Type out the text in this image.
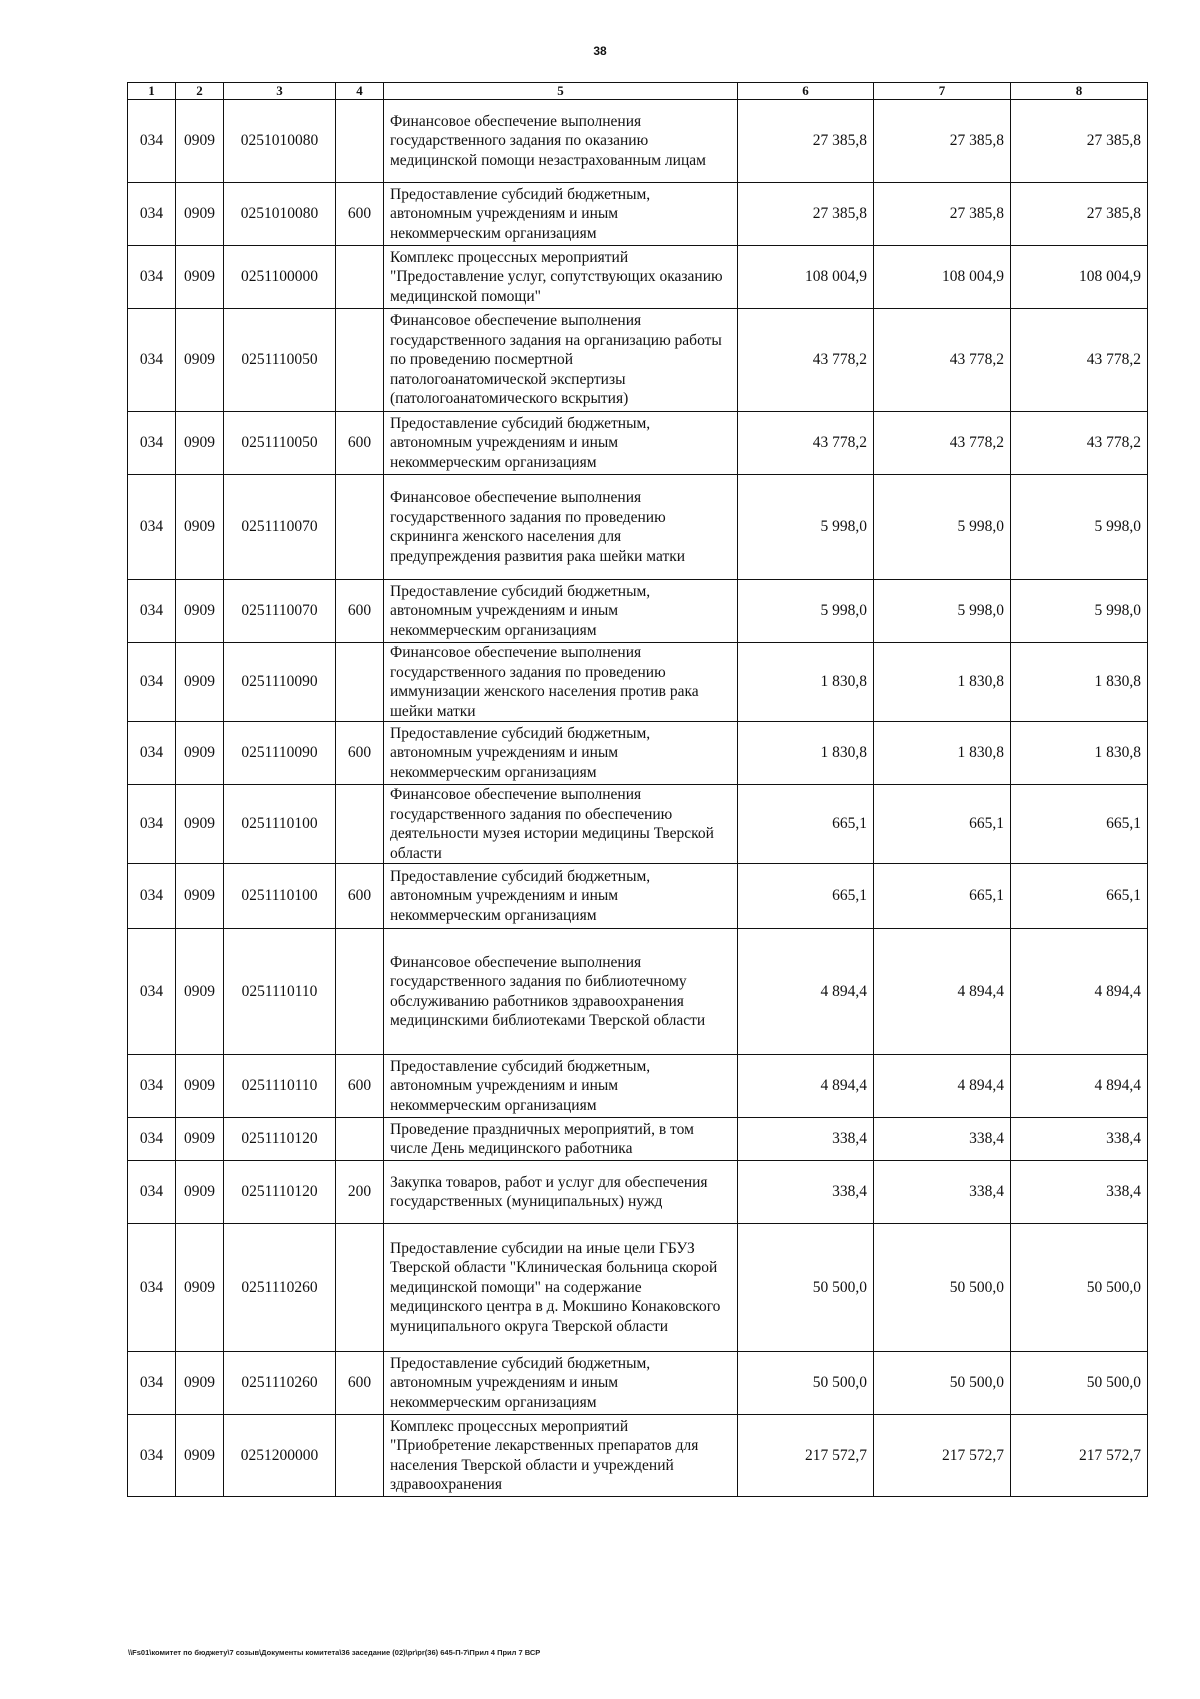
38
1	2	3	4	5	6	7	8
034	0909	0251010080		Финансовое обеспечение выполнения государственного задания по оказанию медицинской помощи незастрахованным лицам	27 385,8	27 385,8	27 385,8
034	0909	0251010080	600	Предоставление субсидий бюджетным, автономным учреждениям и иным некоммерческим организациям	27 385,8	27 385,8	27 385,8
034	0909	0251100000		Комплекс процессных мероприятий "Предоставление услуг, сопутствующих оказанию медицинской помощи"	108 004,9	108 004,9	108 004,9
034	0909	0251110050		Финансовое обеспечение выполнения государственного задания на организацию работы по проведению посмертной патологоанатомической экспертизы (патологоанатомического вскрытия)	43 778,2	43 778,2	43 778,2
034	0909	0251110050	600	Предоставление субсидий бюджетным, автономным учреждениям и иным некоммерческим организациям	43 778,2	43 778,2	43 778,2
034	0909	0251110070		Финансовое обеспечение выполнения государственного задания по проведению скрининга женского населения для предупреждения развития рака шейки матки	5 998,0	5 998,0	5 998,0
034	0909	0251110070	600	Предоставление субсидий бюджетным, автономным учреждениям и иным некоммерческим организациям	5 998,0	5 998,0	5 998,0
034	0909	0251110090		Финансовое обеспечение выполнения государственного задания по проведению иммунизации женского населения против рака шейки матки	1 830,8	1 830,8	1 830,8
034	0909	0251110090	600	Предоставление субсидий бюджетным, автономным учреждениям и иным некоммерческим организациям	1 830,8	1 830,8	1 830,8
034	0909	0251110100		Финансовое обеспечение выполнения государственного задания по обеспечению деятельности музея истории медицины Тверской области	665,1	665,1	665,1
034	0909	0251110100	600	Предоставление субсидий бюджетным, автономным учреждениям и иным некоммерческим организациям	665,1	665,1	665,1
034	0909	0251110110		Финансовое обеспечение выполнения государственного задания по библиотечному обслуживанию работников здравоохранения медицинскими библиотеками Тверской области	4 894,4	4 894,4	4 894,4
034	0909	0251110110	600	Предоставление субсидий бюджетным, автономным учреждениям и иным некоммерческим организациям	4 894,4	4 894,4	4 894,4
034	0909	0251110120		Проведение праздничных мероприятий, в том числе День медицинского работника	338,4	338,4	338,4
034	0909	0251110120	200	Закупка товаров, работ и услуг для обеспечения государственных (муниципальных) нужд	338,4	338,4	338,4
034	0909	0251110260		Предоставление субсидии на иные цели ГБУЗ Тверской области "Клиническая больница скорой медицинской помощи" на содержание медицинского центра в д. Мокшино Конаковского муниципального округа Тверской области	50 500,0	50 500,0	50 500,0
034	0909	0251110260	600	Предоставление субсидий бюджетным, автономным учреждениям и иным некоммерческим организациям	50 500,0	50 500,0	50 500,0
034	0909	0251200000		Комплекс процессных мероприятий "Приобретение лекарственных препаратов для населения Тверской области и учреждений здравоохранения	217 572,7	217 572,7	217 572,7
\\Fs01\комитет по бюджету\7 созыв\Документы комитета\36 заседание (02)\pr\pr(36) 645-П-7\Прил 4 Прил 7 ВСР
